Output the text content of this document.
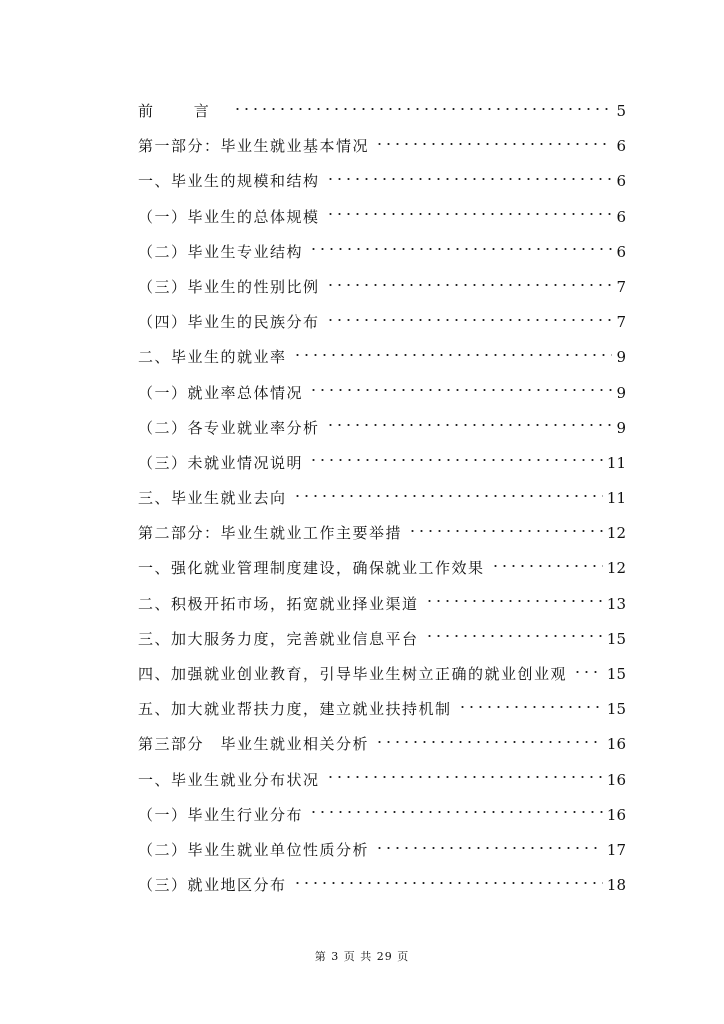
前 言	5
第一部分：毕业生就业基本情况	6
一、毕业生的规模和结构	6
（一）毕业生的总体规模	6
（二）毕业生专业结构	6
（三）毕业生的性别比例	7
（四）毕业生的民族分布	7
二、毕业生的就业率	9
（一）就业率总体情况	9
（二）各专业就业率分析	9
（三）未就业情况说明	11
三、毕业生就业去向	11
第二部分：毕业生就业工作主要举措	12
一、强化就业管理制度建设，确保就业工作效果	12
二、积极开拓市场，拓宽就业择业渠道	13
三、加大服务力度，完善就业信息平台	15
四、加强就业创业教育，引导毕业生树立正确的就业创业观	15
五、加大就业帮扶力度，建立就业扶持机制	15
第三部分　毕业生就业相关分析	16
一、毕业生就业分布状况	16
（一）毕业生行业分布	16
（二）毕业生就业单位性质分析	17
（三）就业地区分布	18
第 3 页 共 29 页
